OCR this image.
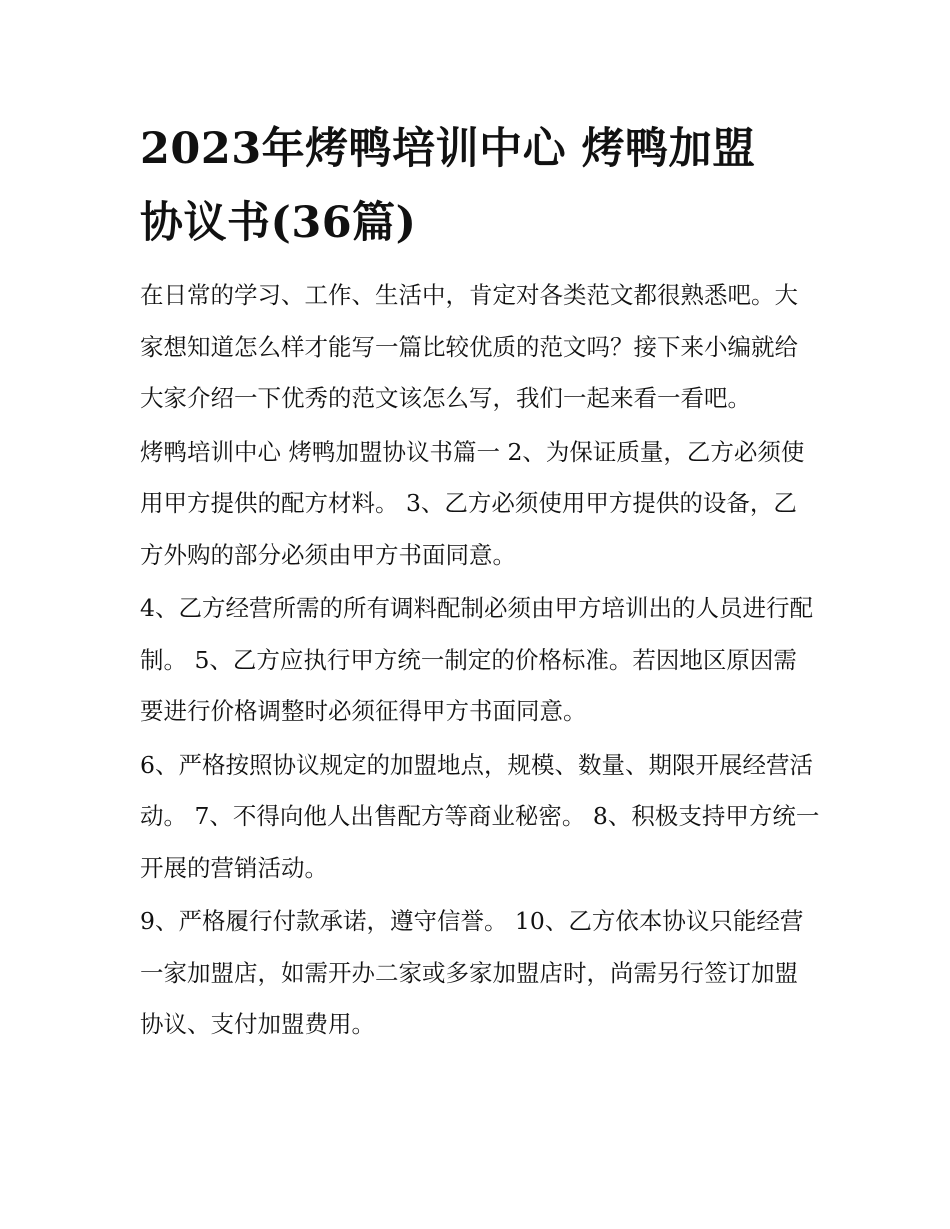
2023年烤鸭培训中心 烤鸭加盟协议书(36篇)

在日常的学习、工作、生活中，肯定对各类范文都很熟悉吧。大家想知道怎么样才能写一篇比较优质的范文吗？接下来小编就给大家介绍一下优秀的范文该怎么写，我们一起来看一看吧。

烤鸭培训中心 烤鸭加盟协议书篇一 2、为保证质量，乙方必须使用甲方提供的配方材料。 3、乙方必须使用甲方提供的设备，乙方外购的部分必须由甲方书面同意。

4、乙方经营所需的所有调料配制必须由甲方培训出的人员进行配制。 5、乙方应执行甲方统一制定的价格标准。若因地区原因需要进行价格调整时必须征得甲方书面同意。

6、严格按照协议规定的加盟地点，规模、数量、期限开展经营活动。 7、不得向他人出售配方等商业秘密。 8、积极支持甲方统一开展的营销活动。

9、严格履行付款承诺，遵守信誉。 10、乙方依本协议只能经营一家加盟店，如需开办二家或多家加盟店时，尚需另行签订加盟协议、支付加盟费用。
